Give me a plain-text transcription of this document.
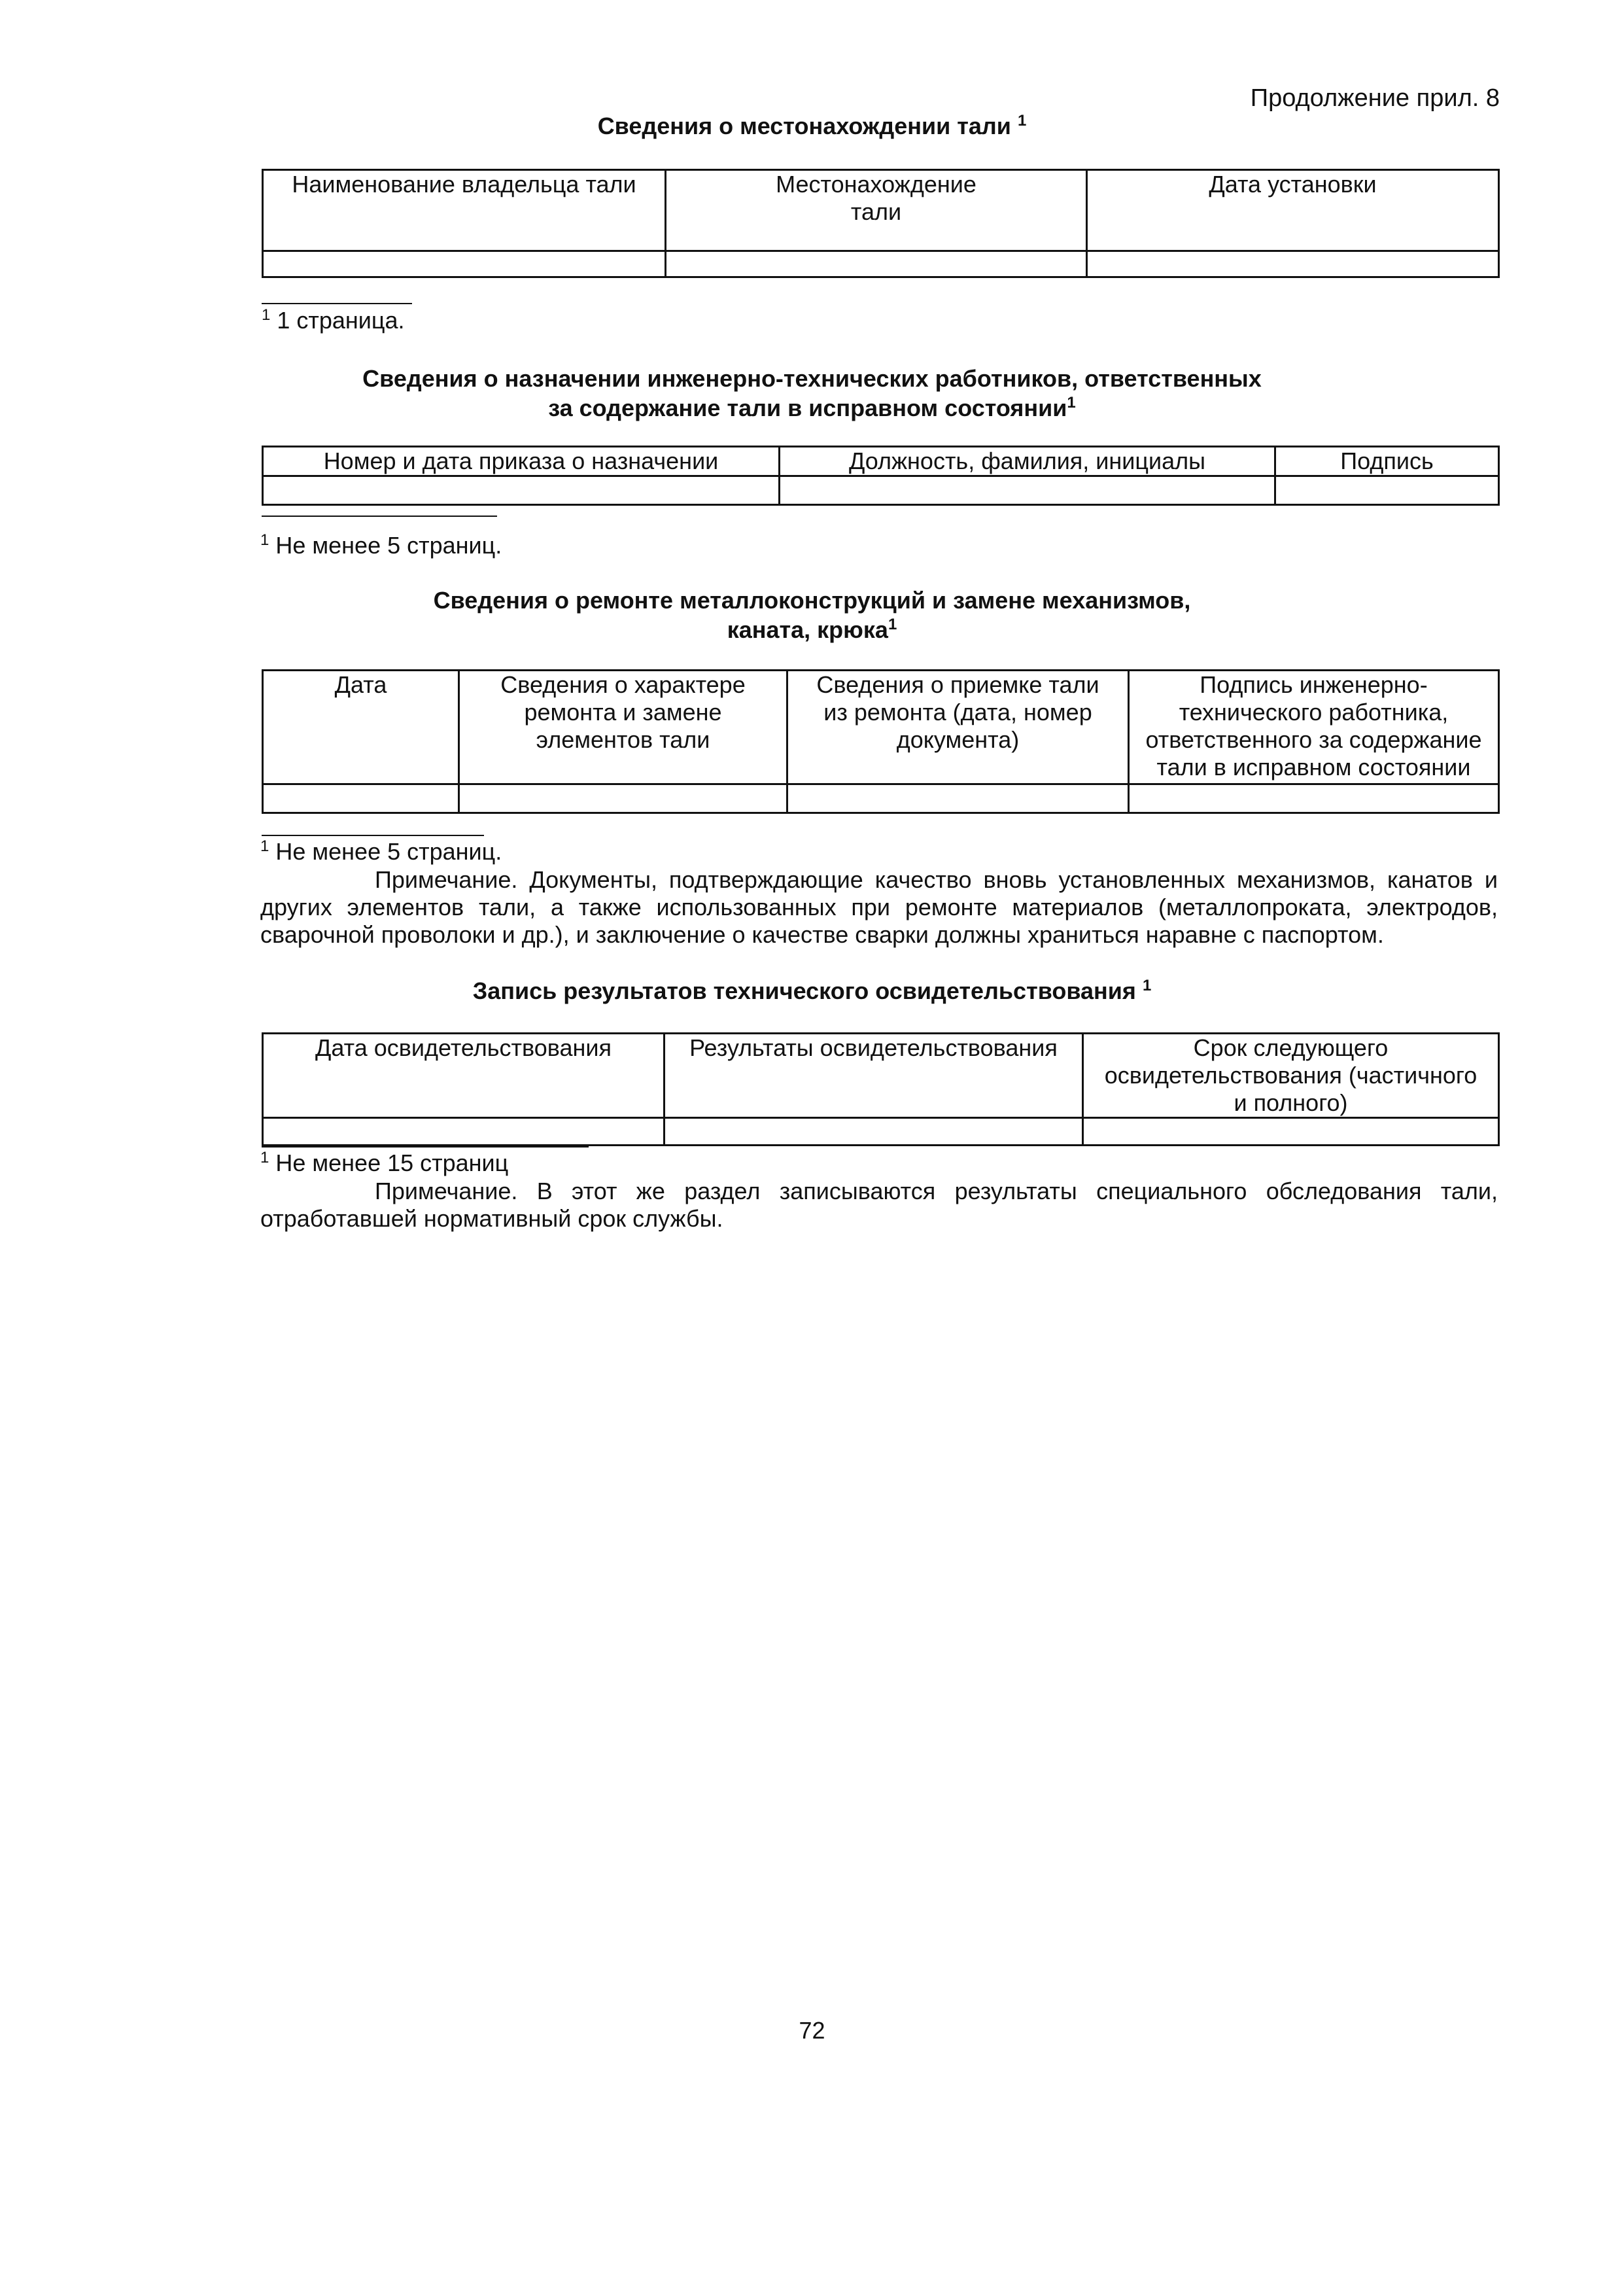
Продолжение прил. 8
Сведения о местонахождении тали $^1$
Наименование владельца тали	Местонахождение тали	Дата установки

$^1$ 1 страница.
Сведения о назначении инженерно-технических работников, ответственных
за содержание тали в исправном состоянии$^1$
Номер и дата приказа о назначении	Должность, фамилия, инициалы	Подпись

$^1$ Не менее 5 страниц.
Сведения о ремонте металлоконструкций и замене механизмов,
каната, крюка$^1$
Дата	Сведения о характере ремонта и замене элементов тали	Сведения о приемке тали из ремонта (дата, номер документа)	Подпись инженерно-технического работника, ответственного за содержание тали в исправном состоянии

$^1$ Не менее 5 страниц.
Примечание. Документы, подтверждающие качество вновь установленных механизмов, канатов и других элементов тали, а также использованных при ремонте материалов (металлопроката, электродов, сварочной проволоки и др.), и заключение о качестве сварки должны храниться наравне с паспортом.
Запись результатов технического освидетельствования $^1$
Дата освидетельствования	Результаты освидетельствования	Срок следующего освидетельствования (частичного и полного)

$^1$ Не менее 15 страниц
Примечание. В этот же раздел записываются результаты специального обследования тали, отработавшей нормативный срок службы.
72
